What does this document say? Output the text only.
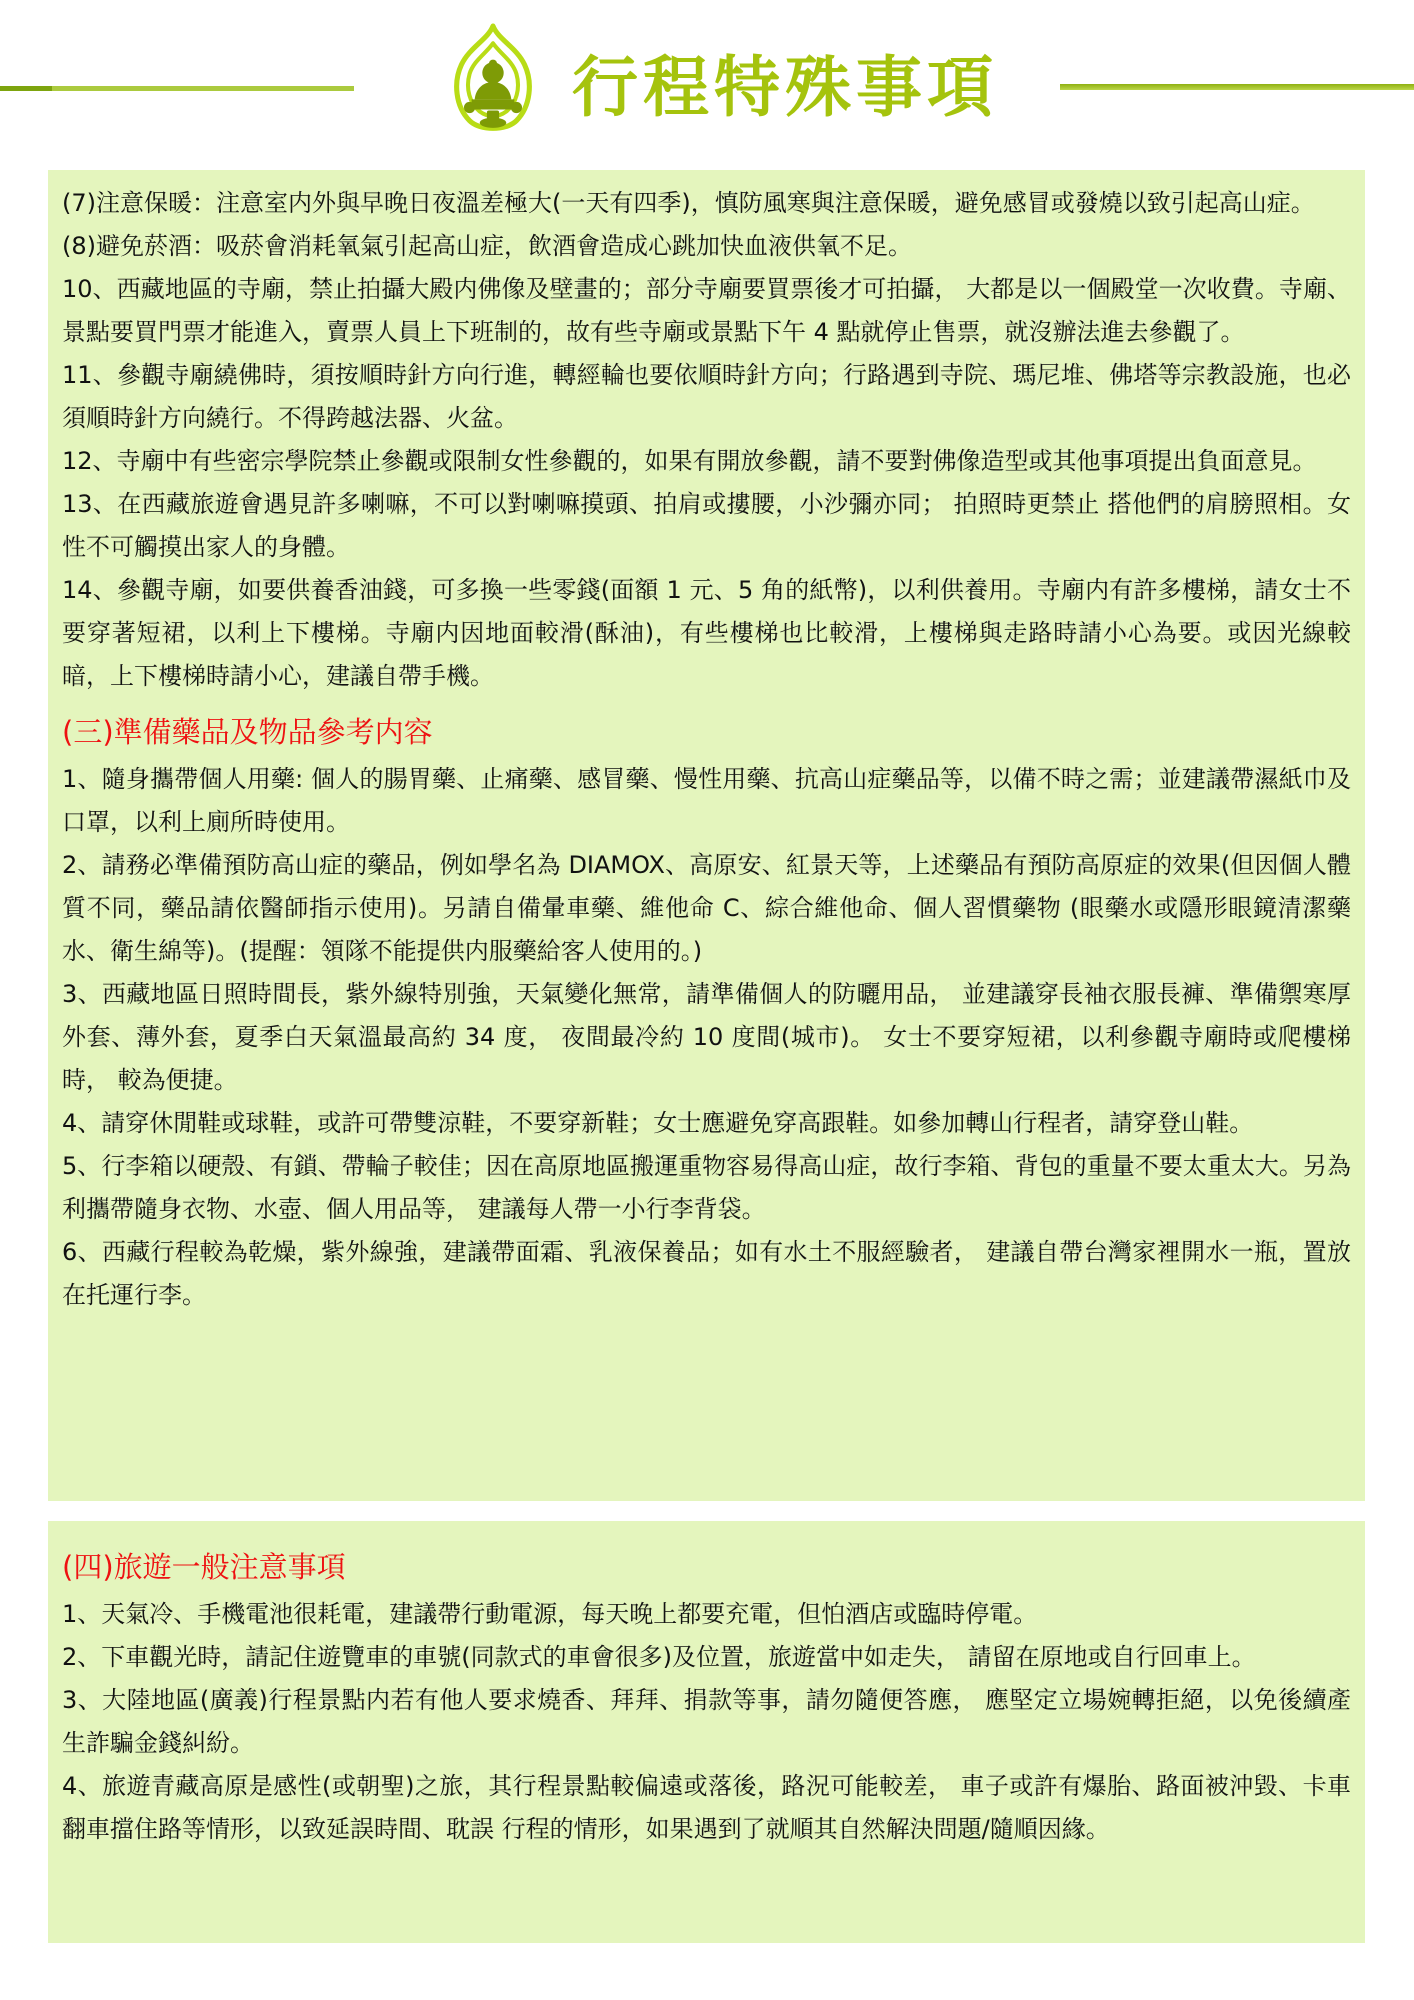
行程特殊事項

(7)注意保暖：注意室内外與早晚日夜溫差極大(一天有四季)，慎防風寒與注意保暖，避免感冒或發燒以致引起高山症。

(8)避免菸酒：吸菸會消耗氧氣引起高山症，飲酒會造成心跳加快血液供氧不足。

10、西藏地區的寺廟，禁止拍攝大殿内佛像及壁畫的；部分寺廟要買票後才可拍攝， 大都是以一個殿堂一次收費。寺廟、景點要買門票才能進入，賣票人員上下班制的，故有些寺廟或景點下午 4 點就停止售票，就沒辦法進去參觀了。

11、參觀寺廟繞佛時，須按順時針方向行進，轉經輪也要依順時針方向；行路遇到寺院、瑪尼堆、佛塔等宗教設施，也必須順時針方向繞行。不得跨越法器、火盆。

12、寺廟中有些密宗學院禁止參觀或限制女性參觀的，如果有開放參觀，請不要對佛像造型或其他事項提出負面意見。

13、在西藏旅遊會遇見許多喇嘛，不可以對喇嘛摸頭、拍肩或摟腰，小沙彌亦同； 拍照時更禁止 搭他們的肩膀照相。女性不可觸摸出家人的身體。

14、參觀寺廟，如要供養香油錢，可多換一些零錢(面額 1 元、5 角的紙幣)，以利供養用。寺廟内有許多樓梯，請女士不要穿著短裙，以利上下樓梯。寺廟内因地面較滑(酥油)，有些樓梯也比較滑，上樓梯與走路時請小心為要。或因光線較暗，上下樓梯時請小心，建議自帶手機。

(三)準備藥品及物品參考内容

1、隨身攜帶個人用藥: 個人的腸胃藥、止痛藥、感冒藥、慢性用藥、抗高山症藥品等，以備不時之需；並建議帶濕紙巾及口罩，以利上廁所時使用。

2、請務必準備預防高山症的藥品，例如學名為 DIAMOX、高原安、紅景天等，上述藥品有預防高原症的效果(但因個人體質不同，藥品請依醫師指示使用)。另請自備暈車藥、維他命 C、綜合維他命、個人習慣藥物 (眼藥水或隱形眼鏡清潔藥水、衛生綿等)。(提醒：領隊不能提供内服藥給客人使用的。)

3、西藏地區日照時間長，紫外線特別強，天氣變化無常，請準備個人的防曬用品， 並建議穿長袖衣服長褲、準備禦寒厚外套、薄外套，夏季白天氣溫最高約 34 度， 夜間最冷約 10 度間(城市)。 女士不要穿短裙，以利參觀寺廟時或爬樓梯時， 較為便捷。

4、請穿休閒鞋或球鞋，或許可帶雙涼鞋，不要穿新鞋；女士應避免穿高跟鞋。如參加轉山行程者，請穿登山鞋。

5、行李箱以硬殼、有鎖、帶輪子較佳；因在高原地區搬運重物容易得高山症，故行李箱、背包的重量不要太重太大。另為利攜帶隨身衣物、水壺、個人用品等， 建議每人帶一小行李背袋。

6、西藏行程較為乾燥，紫外線強，建議帶面霜、乳液保養品；如有水土不服經驗者， 建議自帶台灣家裡開水一瓶，置放在托運行李。

(四)旅遊一般注意事項

1、天氣冷、手機電池很耗電，建議帶行動電源，每天晚上都要充電，但怕酒店或臨時停電。

2、下車觀光時，請記住遊覽車的車號(同款式的車會很多)及位置，旅遊當中如走失， 請留在原地或自行回車上。

3、大陸地區(廣義)行程景點内若有他人要求燒香、拜拜、捐款等事，請勿隨便答應， 應堅定立場婉轉拒絕，以免後續產生詐騙金錢糾紛。

4、旅遊青藏高原是感性(或朝聖)之旅，其行程景點較偏遠或落後，路況可能較差， 車子或許有爆胎、路面被沖毀、卡車翻車擋住路等情形，以致延誤時間、耽誤 行程的情形，如果遇到了就順其自然解決問題/隨順因緣。
